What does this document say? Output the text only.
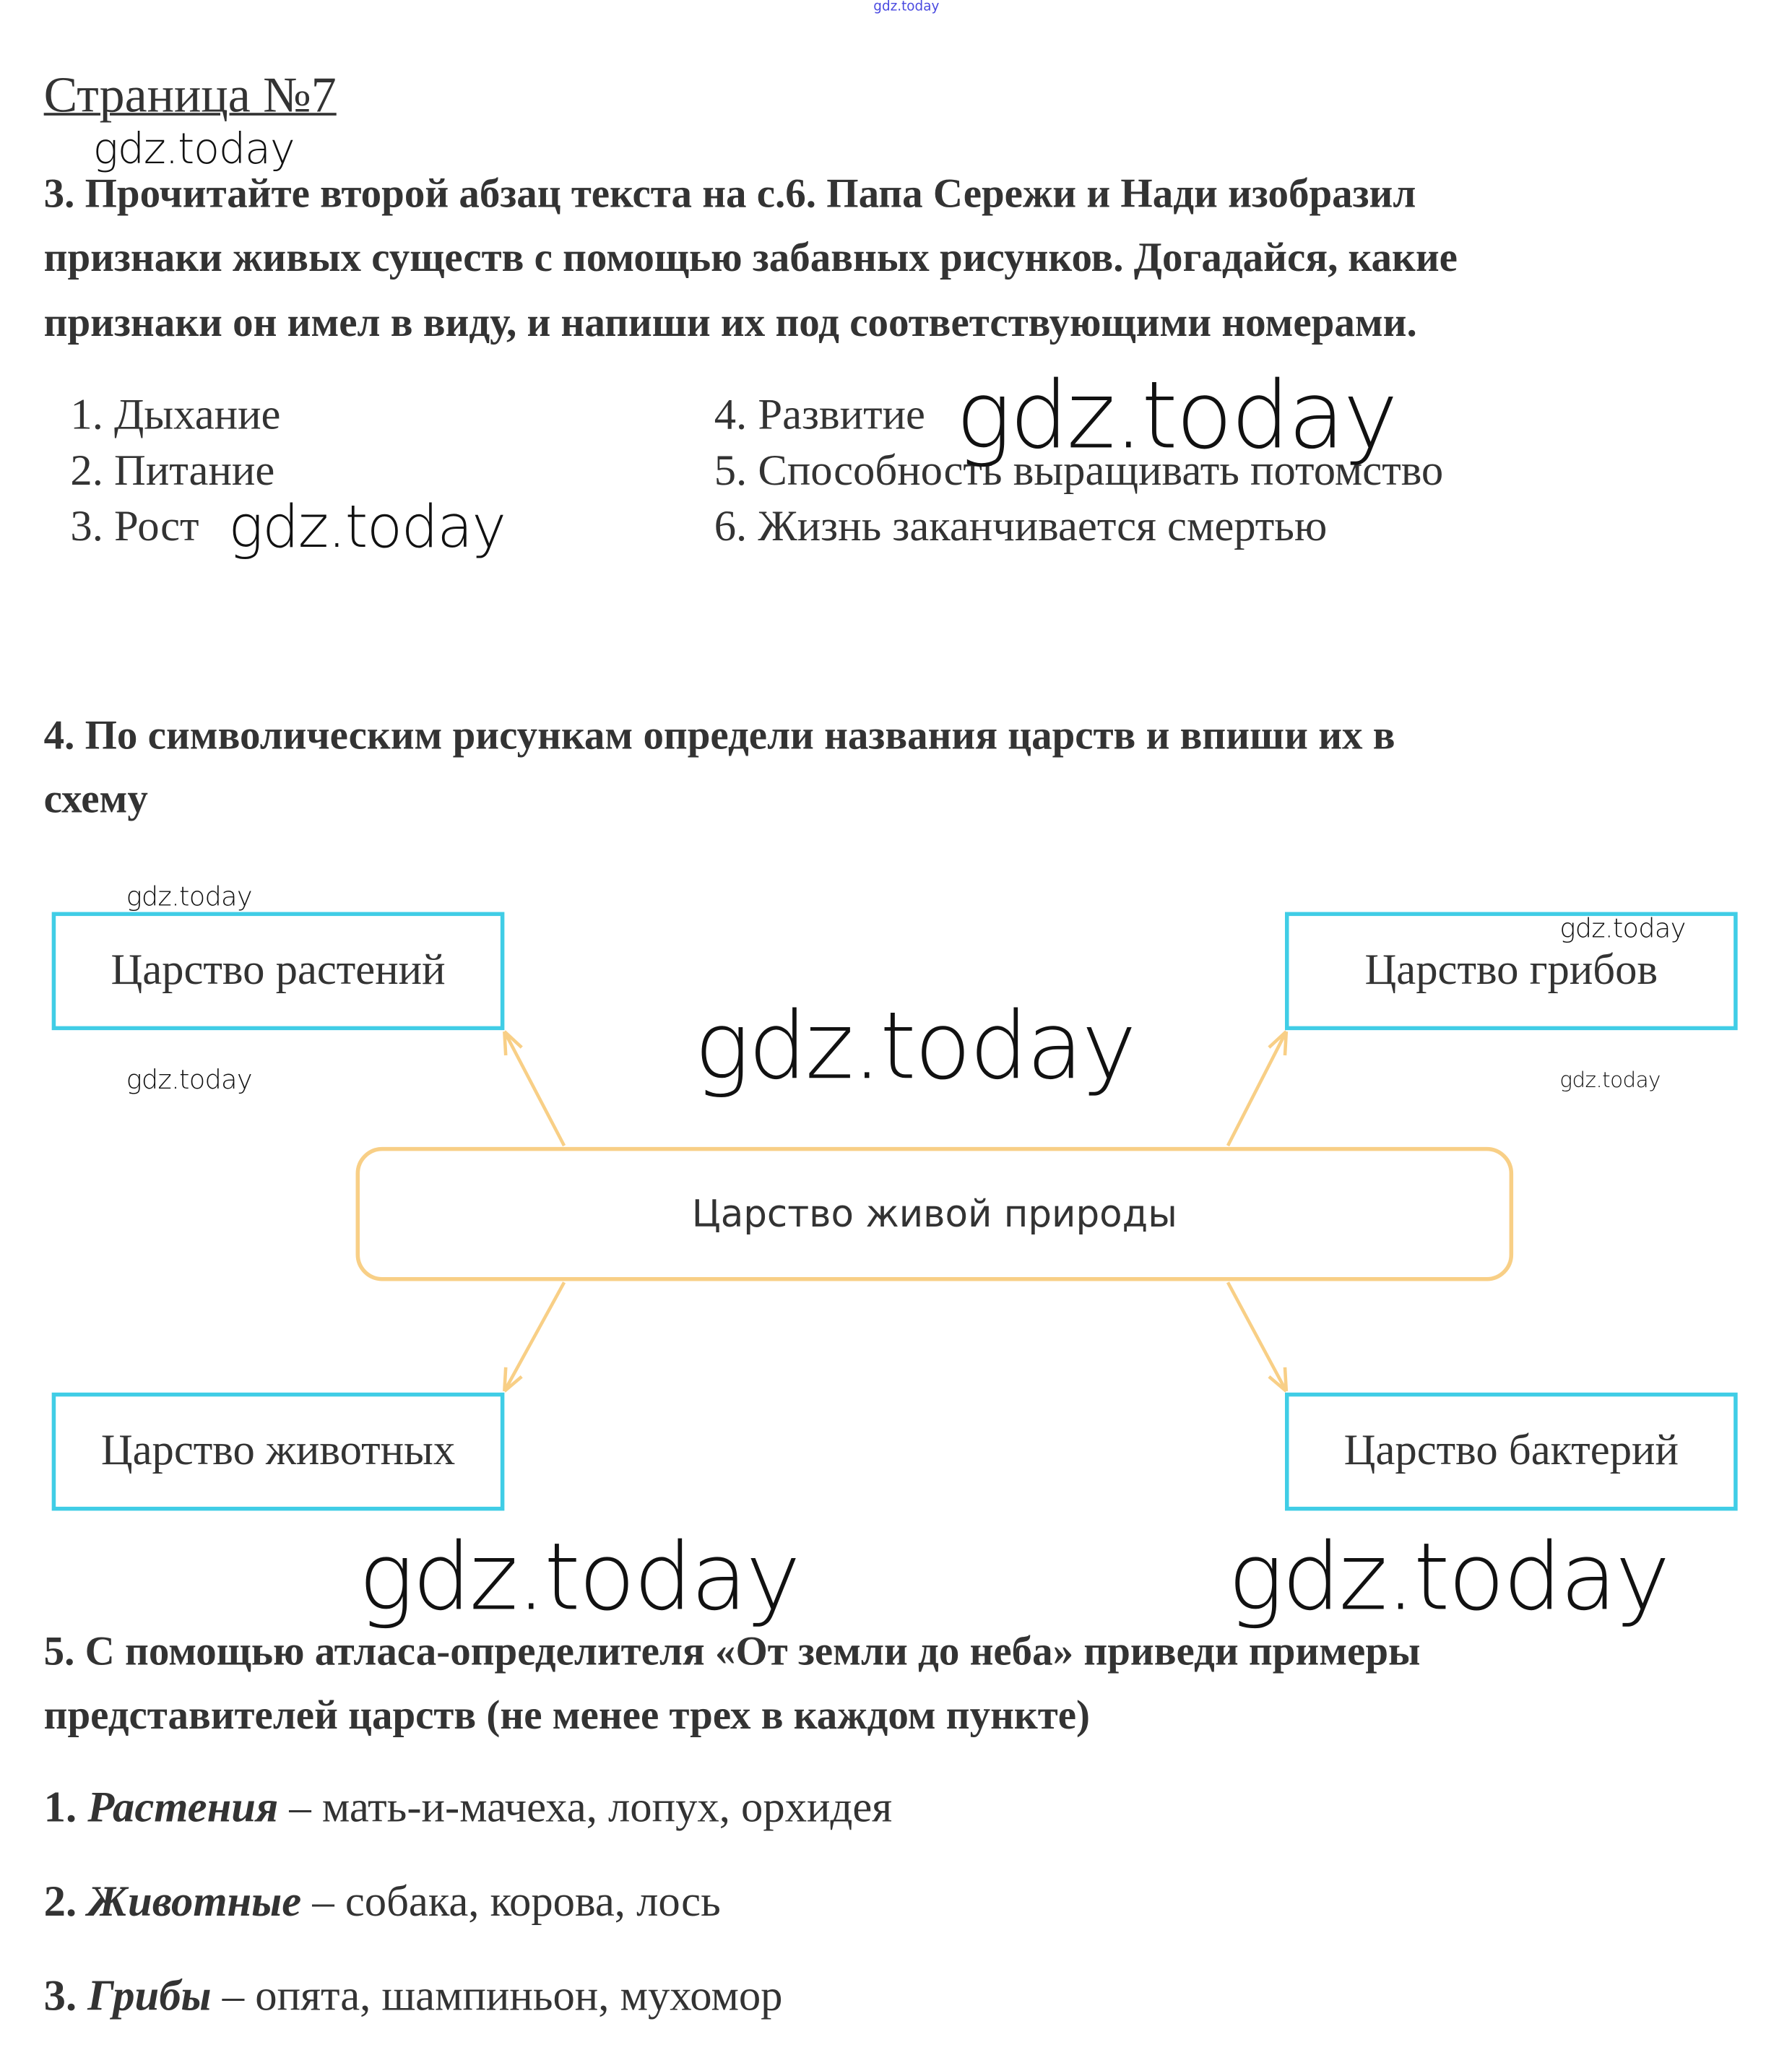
gdz.today
Страница №7
gdz.today
3. Прочитайте второй абзац текста на с.6. Папа Сережи и Нади изобразил
признаки живых существ с помощью забавных рисунков. Догадайся, какие
признаки он имел в виду, и напиши их под соответствующими номерами.
1. Дыхание
2. Питание
3. Рост
4. Развитие
5. Способность выращивать потомство
6. Жизнь заканчивается смертью
gdz.today
gdz.today
4. По символическим рисункам определи названия царств и впиши их в
схему
Царство растений	Царство грибов
Царство животных	Царство бактерий
Царство живой природы
gdz.today
gdz.today
gdz.today
gdz.today
gdz.today
gdz.today	gdz.today
5. С помощью атласа-определителя «От земли до неба» приведи примеры
представителей царств (не менее трех в каждом пункте)
1. Растения – мать-и-мачеха, лопух, орхидея
2. Животные – собака, корова, лось
3. Грибы – опята, шампиньон, мухомор
